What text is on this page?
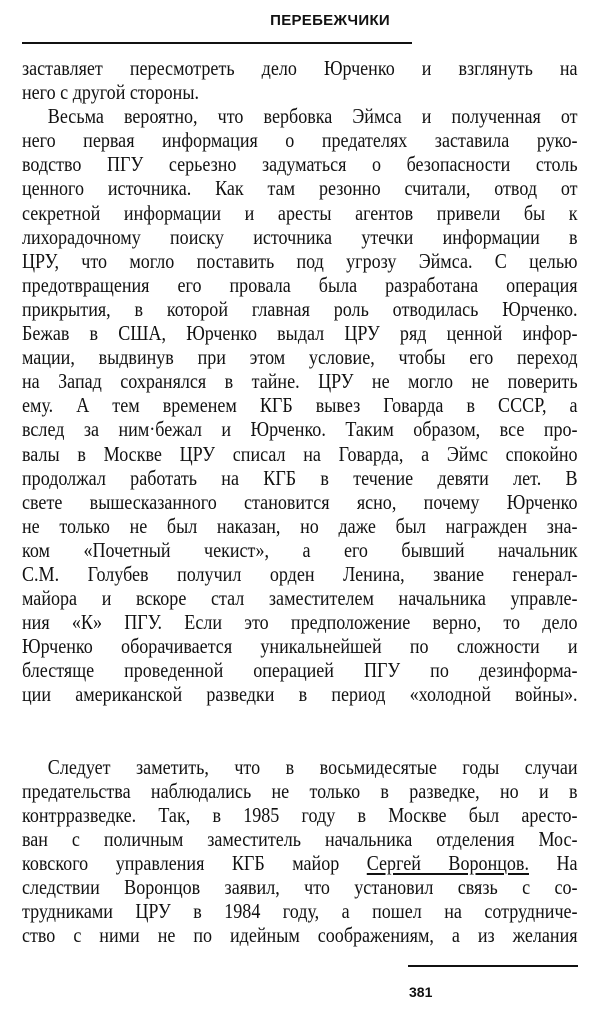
ПЕРЕБЕЖЧИКИ
заставляет пересмотреть дело Юрченко и взглянуть на
него с другой стороны.
Весьма вероятно, что вербовка Эймса и полученная от
него первая информация о предателях заставила руко-
водство ПГУ серьезно задуматься о безопасности столь
ценного источника. Как там резонно считали, отвод от
секретной информации и аресты агентов привели бы к
лихорадочному поиску источника утечки информации в
ЦРУ, что могло поставить под угрозу Эймса. С целью
предотвращения его провала была разработана операция
прикрытия, в которой главная роль отводилась Юрченко.
Бежав в США, Юрченко выдал ЦРУ ряд ценной инфор-
мации, выдвинув при этом условие, чтобы его переход
на Запад сохранялся в тайне. ЦРУ не могло не поверить
ему. А тем временем КГБ вывез Говарда в СССР, а
вслед за ним·бежал и Юрченко. Таким образом, все про-
валы в Москве ЦРУ списал на Говарда, а Эймс спокойно
продолжал работать на КГБ в течение девяти лет. В
свете вышесказанного становится ясно, почему Юрченко
не только не был наказан, но даже был награжден зна-
ком «Почетный чекист», а его бывший начальник
С.М. Голубев получил орден Ленина, звание генерал-
майора и вскоре стал заместителем начальника управле-
ния «К» ПГУ. Если это предположение верно, то дело
Юрченко оборачивается уникальнейшей по сложности и
блестяще проведенной операцией ПГУ по дезинформа-
ции американской разведки в период «холодной войны».
Следует заметить, что в восьмидесятые годы случаи
предательства наблюдались не только в разведке, но и в
контрразведке. Так, в 1985 году в Москве был аресто-
ван с поличным заместитель начальника отделения Мос-
ковского управления КГБ майор Сергей Воронцов. На
следствии Воронцов заявил, что установил связь с со-
трудниками ЦРУ в 1984 году, а пошел на сотрудниче-
ство с ними не по идейным соображениям, а из желания
381
